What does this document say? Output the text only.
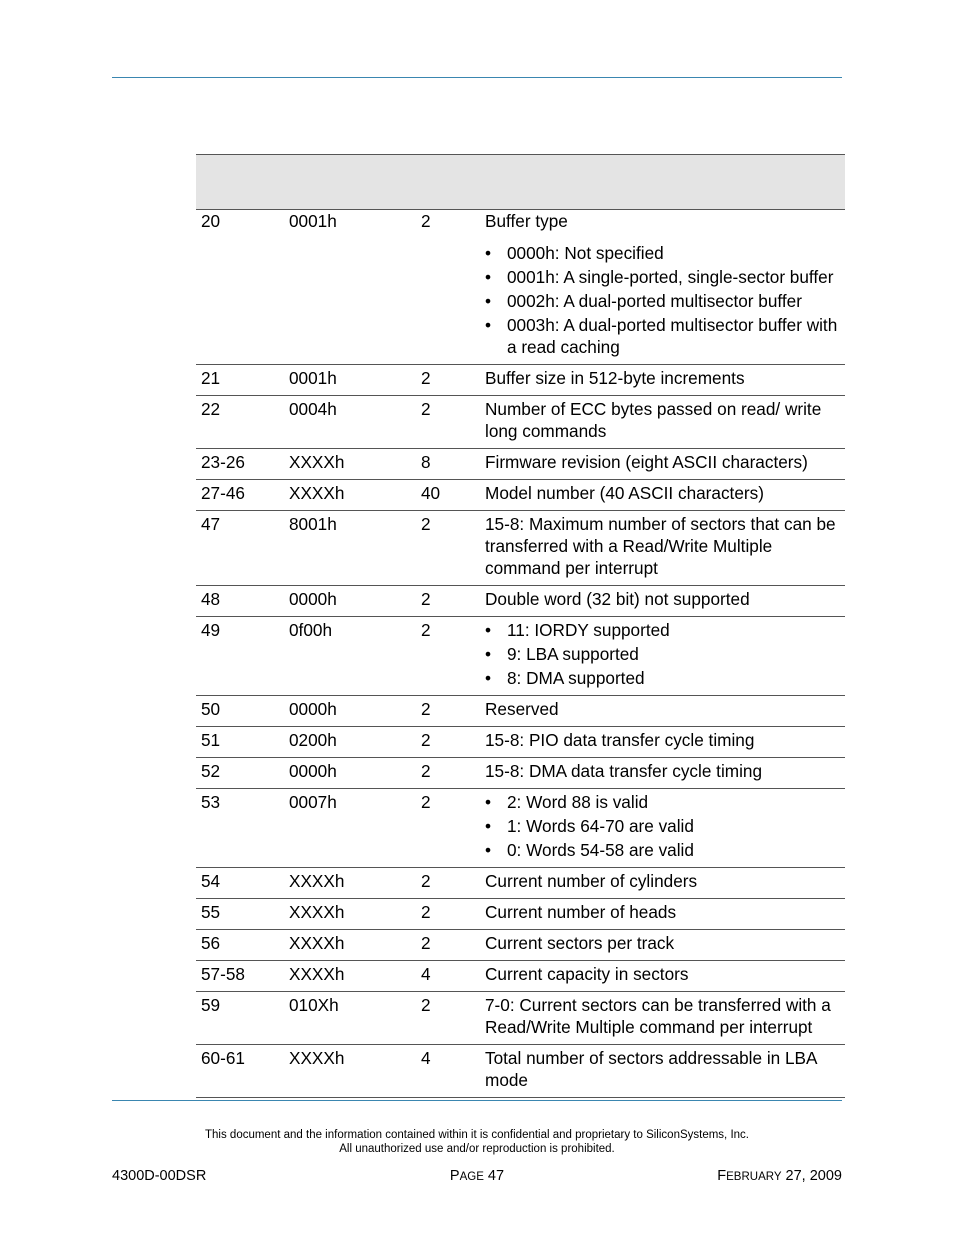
20	0001h	2	Buffer type
• 0000h: Not specified
• 0001h: A single-ported, single-sector buffer
• 0002h: A dual-ported multisector buffer
• 0003h: A dual-ported multisector buffer with a read caching
21	0001h	2	Buffer size in 512-byte increments
22	0004h	2	Number of ECC bytes passed on read/ write long commands
23-26	XXXXh	8	Firmware revision (eight ASCII characters)
27-46	XXXXh	40	Model number (40 ASCII characters)
47	8001h	2	15-8: Maximum number of sectors that can be transferred with a Read/Write Multiple command per interrupt
48	0000h	2	Double word (32 bit) not supported
49	0f00h	2	• 11: IORDY supported
• 9: LBA supported
• 8: DMA supported
50	0000h	2	Reserved
51	0200h	2	15-8: PIO data transfer cycle timing
52	0000h	2	15-8: DMA data transfer cycle timing
53	0007h	2	• 2: Word 88 is valid
• 1: Words 64-70 are valid
• 0: Words 54-58 are valid
54	XXXXh	2	Current number of cylinders
55	XXXXh	2	Current number of heads
56	XXXXh	2	Current sectors per track
57-58	XXXXh	4	Current capacity in sectors
59	010Xh	2	7-0: Current sectors can be transferred with a Read/Write Multiple command per interrupt
60-61	XXXXh	4	Total number of sectors addressable in LBA mode
This document and the information contained within it is confidential and proprietary to SiliconSystems, Inc.
All unauthorized use and/or reproduction is prohibited.
4300D-00DSR	PAGE 47	FEBRUARY 27, 2009
